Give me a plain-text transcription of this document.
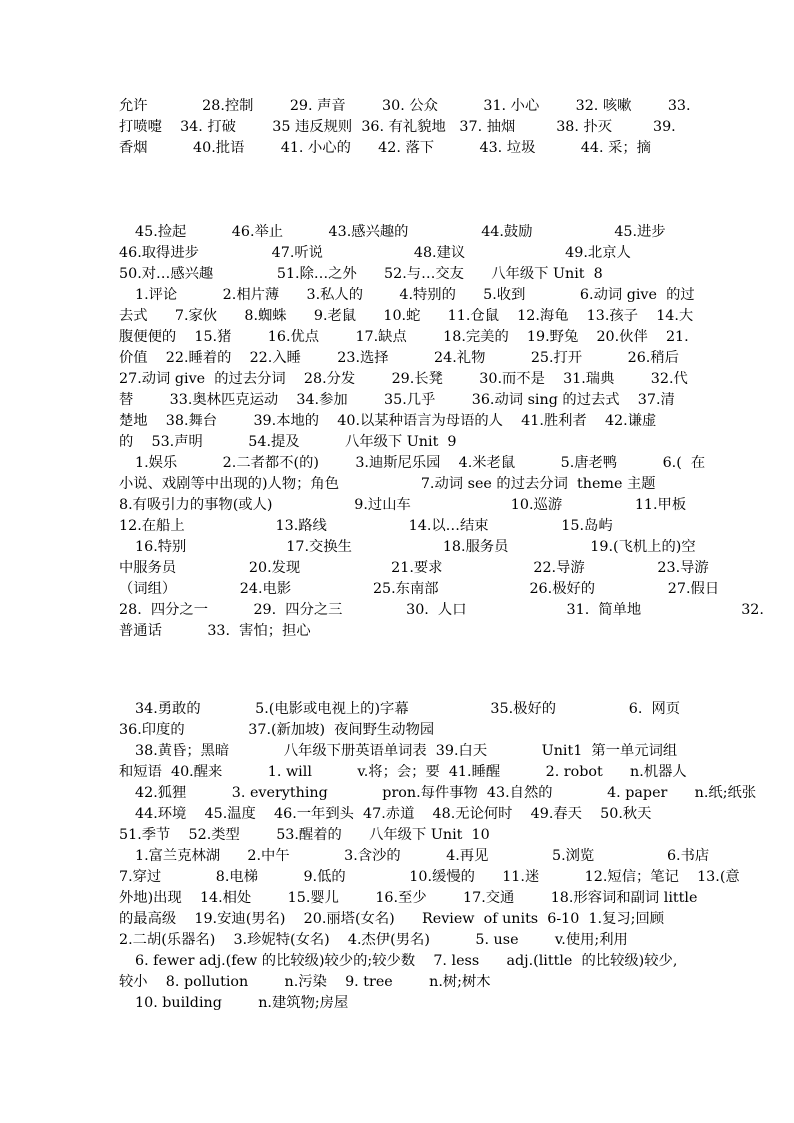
允许            28.控制        29. 声音        30. 公众          31. 小心        32. 咳嗽        33.
打喷嚏    34. 打破        35 违反规则  36. 有礼貌地   37. 抽烟         38. 扑灭         39.
香烟          40.批语        41. 小心的      42. 落下          43. 垃圾          44. 采；摘
45.捡起          46.举止          43.感兴趣的                44.鼓励                  45.进步
46.取得进步                47.听说                    48.建议                      49.北京人
50.对…感兴趣              51.除…之外      52.与…交友      八年级下 Unit  8
1.评论          2.相片薄      3.私人的        4.特别的      5.收到            6.动词 give  的过
去式      7.家伙      8.蜘蛛      9.老鼠      10.蛇      11.仓鼠    12.海龟    13.孩子    14.大
腹便便的    15.猪        16.优点        17.缺点        18.完美的    19.野兔    20.伙伴    21.
价值    22.睡着的    22.入睡        23.选择          24.礼物          25.打开          26.稍后
27.动词 give  的过去分词    28.分发        29.长凳        30.而不是    31.瑞典        32.代
替        33.奥林匹克运动    34.参加        35.几乎        36.动词 sing 的过去式    37.清
楚地    38.舞台        39.本地的    40.以某种语言为母语的人    41.胜利者    42.谦虚
的    53.声明          54.提及          八年级下 Unit  9
1.娱乐          2.二者都不(的)        3.迪斯尼乐园    4.米老鼠          5.唐老鸭          6.(  在
小说、戏剧等中出现的)人物；角色                  7.动词 see 的过去分词  theme 主题
8.有吸引力的事物(或人)                  9.过山车                      10.巡游                11.甲板
12.在船上                    13.路线                  14.以…结束                15.岛屿
16.特别                      17.交换生                    18.服务员                  19.(飞机上的)空
中服务员                20.发现                    21.要求                    22.导游                23.导游
（词组）              24.电影                  25.东南部                    26.极好的                27.假日
28.  四分之一          29.  四分之三              30.  人口                      31.  简单地                      32.
普通话          33.  害怕；担心
34.勇敢的            5.(电影或电视上的)字幕                  35.极好的                6.  网页
36.印度的              37.(新加坡)  夜间野生动物园
38.黄昏；黑暗            八年级下册英语单词表  39.白天            Unit1  第一单元词组
和短语  40.醒来          1. will          v.将；会；要  41.睡醒          2. robot      n.机器人
42.狐狸          3. everything            pron.每件事物  43.自然的            4. paper      n.纸;纸张
44.环境    45.温度    46.一年到头  47.赤道    48.无论何时    49.春天    50.秋天
51.季节    52.类型        53.醒着的      八年级下 Unit  10
1.富兰克林湖      2.中午            3.含沙的          4.再见              5.浏览                6.书店
7.穿过            8.电梯          9.低的              10.缓慢的      11.迷          12.短信；笔记    13.(意
外地)出现    14.相处        15.婴儿        16.至少        17.交通        18.形容词和副词 little
的最高级    19.安迪(男名)    20.丽塔(女名)      Review  of units  6-10  1.复习;回顾
2.二胡(乐器名)    3.珍妮特(女名)    4.杰伊(男名)          5. use        v.使用;利用
6. fewer adj.(few 的比较级)较少的;较少数    7. less      adj.(little  的比较级)较少,
较小    8. pollution        n.污染    9. tree        n.树;树木
10. building        n.建筑物;房屋
